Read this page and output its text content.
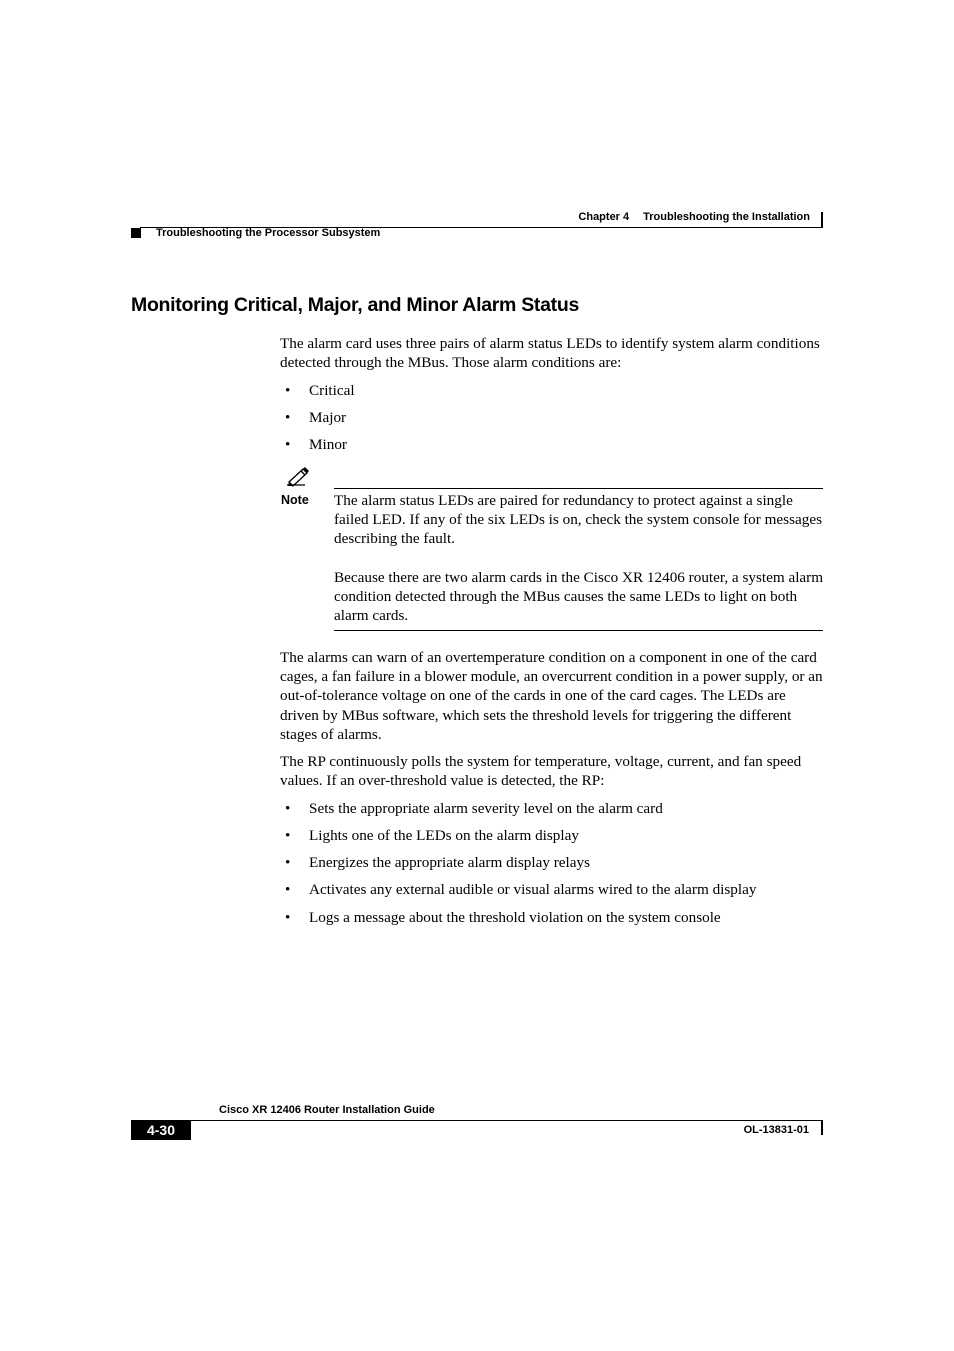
Chapter 4 Troubleshooting the Installation
Troubleshooting the Processor Subsystem
Monitoring Critical, Major, and Minor Alarm Status
The alarm card uses three pairs of alarm status LEDs to identify system alarm conditions detected through the MBus. Those alarm conditions are:
• Critical
• Major
• Minor
Note The alarm status LEDs are paired for redundancy to protect against a single failed LED. If any of the six LEDs is on, check the system console for messages describing the fault.
Because there are two alarm cards in the Cisco XR 12406 router, a system alarm condition detected through the MBus causes the same LEDs to light on both alarm cards.
The alarms can warn of an overtemperature condition on a component in one of the card cages, a fan failure in a blower module, an overcurrent condition in a power supply, or an out-of-tolerance voltage on one of the cards in one of the card cages. The LEDs are driven by MBus software, which sets the threshold levels for triggering the different stages of alarms.
The RP continuously polls the system for temperature, voltage, current, and fan speed values. If an over-threshold value is detected, the RP:
• Sets the appropriate alarm severity level on the alarm card
• Lights one of the LEDs on the alarm display
• Energizes the appropriate alarm display relays
• Activates any external audible or visual alarms wired to the alarm display
• Logs a message about the threshold violation on the system console
Cisco XR 12406 Router Installation Guide
4-30	OL-13831-01
